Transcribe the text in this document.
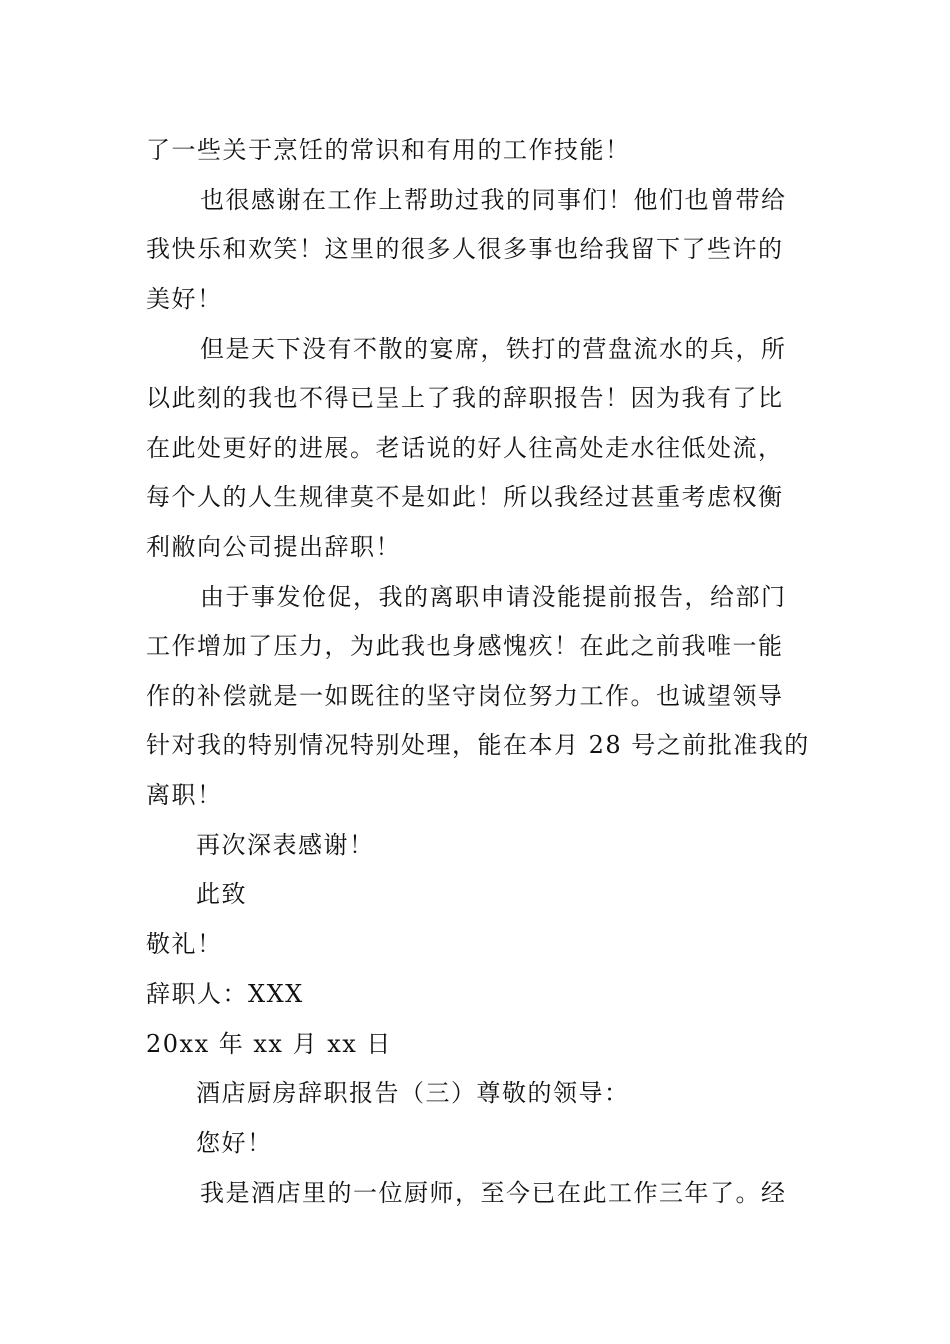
了一些关于烹饪的常识和有用的工作技能！
也很感谢在工作上帮助过我的同事们！他们也曾带给
我快乐和欢笑！这里的很多人很多事也给我留下了些许的
美好！
但是天下没有不散的宴席，铁打的营盘流水的兵，所
以此刻的我也不得已呈上了我的辞职报告！因为我有了比
在此处更好的进展。老话说的好人往高处走水往低处流，
每个人的人生规律莫不是如此！所以我经过甚重考虑权衡
利敝向公司提出辞职！
由于事发伧促，我的离职申请没能提前报告，给部门
工作增加了压力，为此我也身感愧疚！在此之前我唯一能
作的补偿就是一如既往的坚守岗位努力工作。也诚望领导
针对我的特别情况特别处理，能在本月 28 号之前批准我的
离职！
再次深表感谢！
此致
敬礼！
辞职人：XXX
20xx 年 xx 月 xx 日
酒店厨房辞职报告（三）尊敬的领导：
您好！
我是酒店里的一位厨师，至今已在此工作三年了。经
